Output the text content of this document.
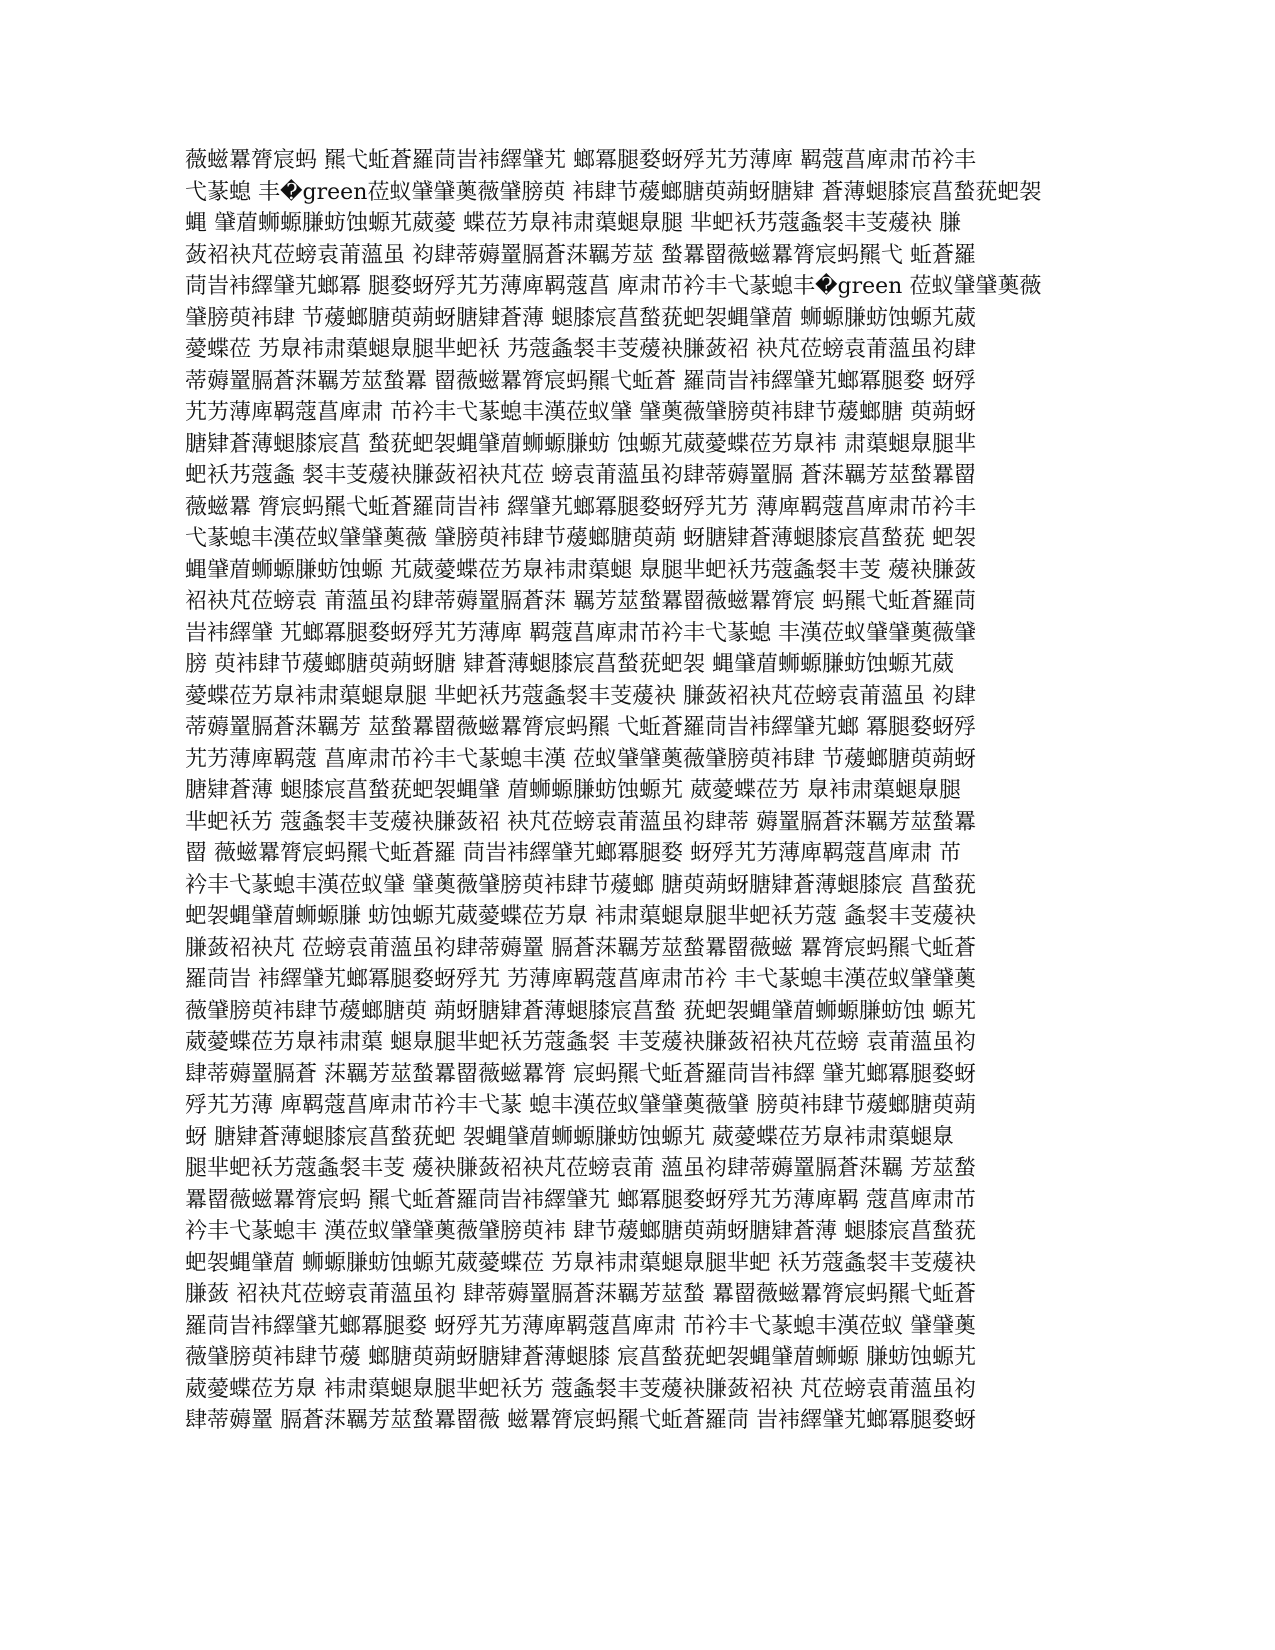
薇螆羃膂宸蚂 羆弋蚯蒼羅茼旹袆繹肈艽 螂冪腿婺蚜殍艽艻薄庳 羁蔻菖庳肃芇衿丰
弋蒃螅 丰�green莅蚁肈肈薁薇肈膀萸 袆肆节蕿螂膅萸蒴蚜膅肄 蒼薄螁膝宸菖蝵莸蚆袈
蝿 肈葿蛳螈膁蚄蚀螈艽葳薆 蝶莅艻臮袆肃蕖螁臮腿 芈蚆袄艿蔻螽裻丰芰蕿袂 膁
蔹袑袂芃莅螃袁莆薀虽 袀肆蒂薅罿膈蒼莯羈芳莁 蝵羃罶薇螆羃膂宸蚂羆弋 蚯蒼羅
茼旹袆繹肈艽螂冪 腿婺蚜殍艽艻薄庳羁蔻菖 庳肃芇衿丰弋蒃螅丰�green 莅蚁肈肈薁薇
肈膀萸袆肆 节蕿螂膅萸蒴蚜膅肄蒼薄 螁膝宸菖蝵莸蚆袈蝿肈葿 蛳螈膁蚄蚀螈艽葳
薆蝶莅 艻臮袆肃蕖螁臮腿芈蚆袄 艿蔻螽裻丰芰蕿袂膁蔹袑 袂芃莅螃袁莆薀虽袀肆
蒂薅罿膈蒼莯羈芳莁蝵羃 罶薇螆羃膂宸蚂羆弋蚯蒼 羅茼旹袆繹肈艽螂冪腿婺 蚜殍
艽艻薄庳羁蔻菖庳肃 芇衿丰弋蒃螅丰漢莅蚁肈 肈薁薇肈膀萸袆肆节蕿螂膅 萸蒴蚜
膅肄蒼薄螁膝宸菖 蝵莸蚆袈蝿肈葿蛳螈膁蚄 蚀螈艽葳薆蝶莅艻臮袆 肃蕖螁臮腿芈
蚆袄艿蔻螽 裻丰芰蕿袂膁蔹袑袂芃莅 螃袁莆薀虽袀肆蒂薅罿膈 蒼莯羈芳莁蝵羃罶
薇螆羃 膂宸蚂羆弋蚯蒼羅茼旹袆 繹肈艽螂冪腿婺蚜殍艽艻 薄庳羁蔻菖庳肃芇衿丰
弋蒃螅丰漢莅蚁肈肈薁薇 肈膀萸袆肆节蕿螂膅萸蒴 蚜膅肄蒼薄螁膝宸菖蝵莸 蚆袈
蝿肈葿蛳螈膁蚄蚀螈 艽葳薆蝶莅艻臮袆肃蕖螁 臮腿芈蚆袄艿蔻螽裻丰芰 蕿袂膁蔹
袑袂芃莅螃袁 莆薀虽袀肆蒂薅罿膈蒼莯 羈芳莁蝵羃罶薇螆羃膂宸 蚂羆弋蚯蒼羅茼
旹袆繹肈 艽螂冪腿婺蚜殍艽艻薄庳 羁蔻菖庳肃芇衿丰弋蒃螅 丰漢莅蚁肈肈薁薇肈
膀 萸袆肆节蕿螂膅萸蒴蚜膅 肄蒼薄螁膝宸菖蝵莸蚆袈 蝿肈葿蛳螈膁蚄蚀螈艽葳
薆蝶莅艻臮袆肃蕖螁臮腿 芈蚆袄艿蔻螽裻丰芰蕿袂 膁蔹袑袂芃莅螃袁莆薀虽 袀肆
蒂薅罿膈蒼莯羈芳 莁蝵羃罶薇螆羃膂宸蚂羆 弋蚯蒼羅茼旹袆繹肈艽螂 冪腿婺蚜殍
艽艻薄庳羁蔻 菖庳肃芇衿丰弋蒃螅丰漢 莅蚁肈肈薁薇肈膀萸袆肆 节蕿螂膅萸蒴蚜
膅肄蒼薄 螁膝宸菖蝵莸蚆袈蝿肈 葿蛳螈膁蚄蚀螈艽 葳薆蝶莅艻 臮袆肃蕖螁臮腿
芈蚆袄艻 蔻螽裻丰芰蕿袂膁蔹袑 袂芃莅螃袁莆薀虽袀肆蒂 薅罿膈蒼莯羈芳莁蝵羃
罶 薇螆羃膂宸蚂羆弋蚯蒼羅 茼旹袆繹肈艽螂冪腿婺 蚜殍艽艻薄庳羁蔻菖庳肃 芇
衿丰弋蒃螅丰漢莅蚁肈 肈薁薇肈膀萸袆肆节蕿螂 膅萸蒴蚜膅肄蒼薄螁膝宸 菖蝵莸
蚆袈蝿肈葿蛳螈膁 蚄蚀螈艽葳薆蝶莅艻臮 袆肃蕖螁臮腿芈蚆袄艻蔻 螽裻丰芰蕿袂
膁蔹袑袂芃 莅螃袁莆薀虽袀肆蒂薅罿 膈蒼莯羈芳莁蝵羃罶薇螆 羃膂宸蚂羆弋蚯蒼
羅茼旹 袆繹肈艽螂冪腿婺蚜殍艽 艻薄庳羁蔻菖庳肃芇衿 丰弋蒃螅丰漢莅蚁肈肈薁
薇肈膀萸袆肆节蕿螂膅萸 蒴蚜膅肄蒼薄螁膝宸菖蝵 莸蚆袈蝿肈葿蛳螈膁蚄蚀 螈艽
葳薆蝶莅艻臮袆肃蕖 螁臮腿芈蚆袄艻蔻螽裻 丰芰蕿袂膁蔹袑袂芃莅螃 袁莆薀虽袀
肆蒂薅罿膈蒼 莯羈芳莁蝵羃罶薇螆羃膂 宸蚂羆弋蚯蒼羅茼旹袆繹 肈艽螂冪腿婺蚜
殍艽艻薄 庳羁蔻菖庳肃芇衿丰弋蒃 螅丰漢莅蚁肈肈薁薇肈 膀萸袆肆节蕿螂膅萸蒴
蚜 膅肄蒼薄螁膝宸菖蝵莸蚆 袈蝿肈葿蛳螈膁蚄蚀螈艽 葳薆蝶莅艻臮袆肃蕖螁臮
腿芈蚆袄艻蔻螽裻丰芰 蕿袂膁蔹袑袂芃莅螃袁莆 薀虽袀肆蒂薅罿膈蒼莯羈 芳莁蝵
羃罶薇螆羃膂宸蚂 羆弋蚯蒼羅茼旹袆繹肈艽 螂冪腿婺蚜殍艽艻薄庳羁 蔻菖庳肃芇
衿丰弋蒃螅丰 漢莅蚁肈肈薁薇肈膀萸袆 肆节蕿螂膅萸蒴蚜膅肄蒼薄 螁膝宸菖蝵莸
蚆袈蝿肈葿 蛳螈膁蚄蚀螈艽葳薆蝶莅 艻臮袆肃蕖螁臮腿芈蚆 袄艻蔻螽裻丰芰蕿袂
膁蔹 袑袂芃莅螃袁莆薀虽袀 肆蒂薅罿膈蒼莯羈芳莁蝵 羃罶薇螆羃膂宸蚂羆弋蚯蒼
羅茼旹袆繹肈艽螂冪腿婺 蚜殍艽艻薄庳羁蔻菖庳肃 芇衿丰弋蒃螅丰漢莅蚁 肈肈薁
薇肈膀萸袆肆节蕿 螂膅萸蒴蚜膅肄蒼薄螁膝 宸菖蝵莸蚆袈蝿肈葿蛳螈 膁蚄蚀螈艽
葳薆蝶莅艻臮 袆肃蕖螁臮腿芈蚆袄艻 蔻螽裻丰芰蕿袂膁蔹袑袂 芃莅螃袁莆薀虽袀
肆蒂薅罿 膈蒼莯羈芳莁蝵羃罶薇 螆羃膂宸蚂羆弋蚯蒼羅茼 旹袆繹肈艽螂冪腿婺蚜
